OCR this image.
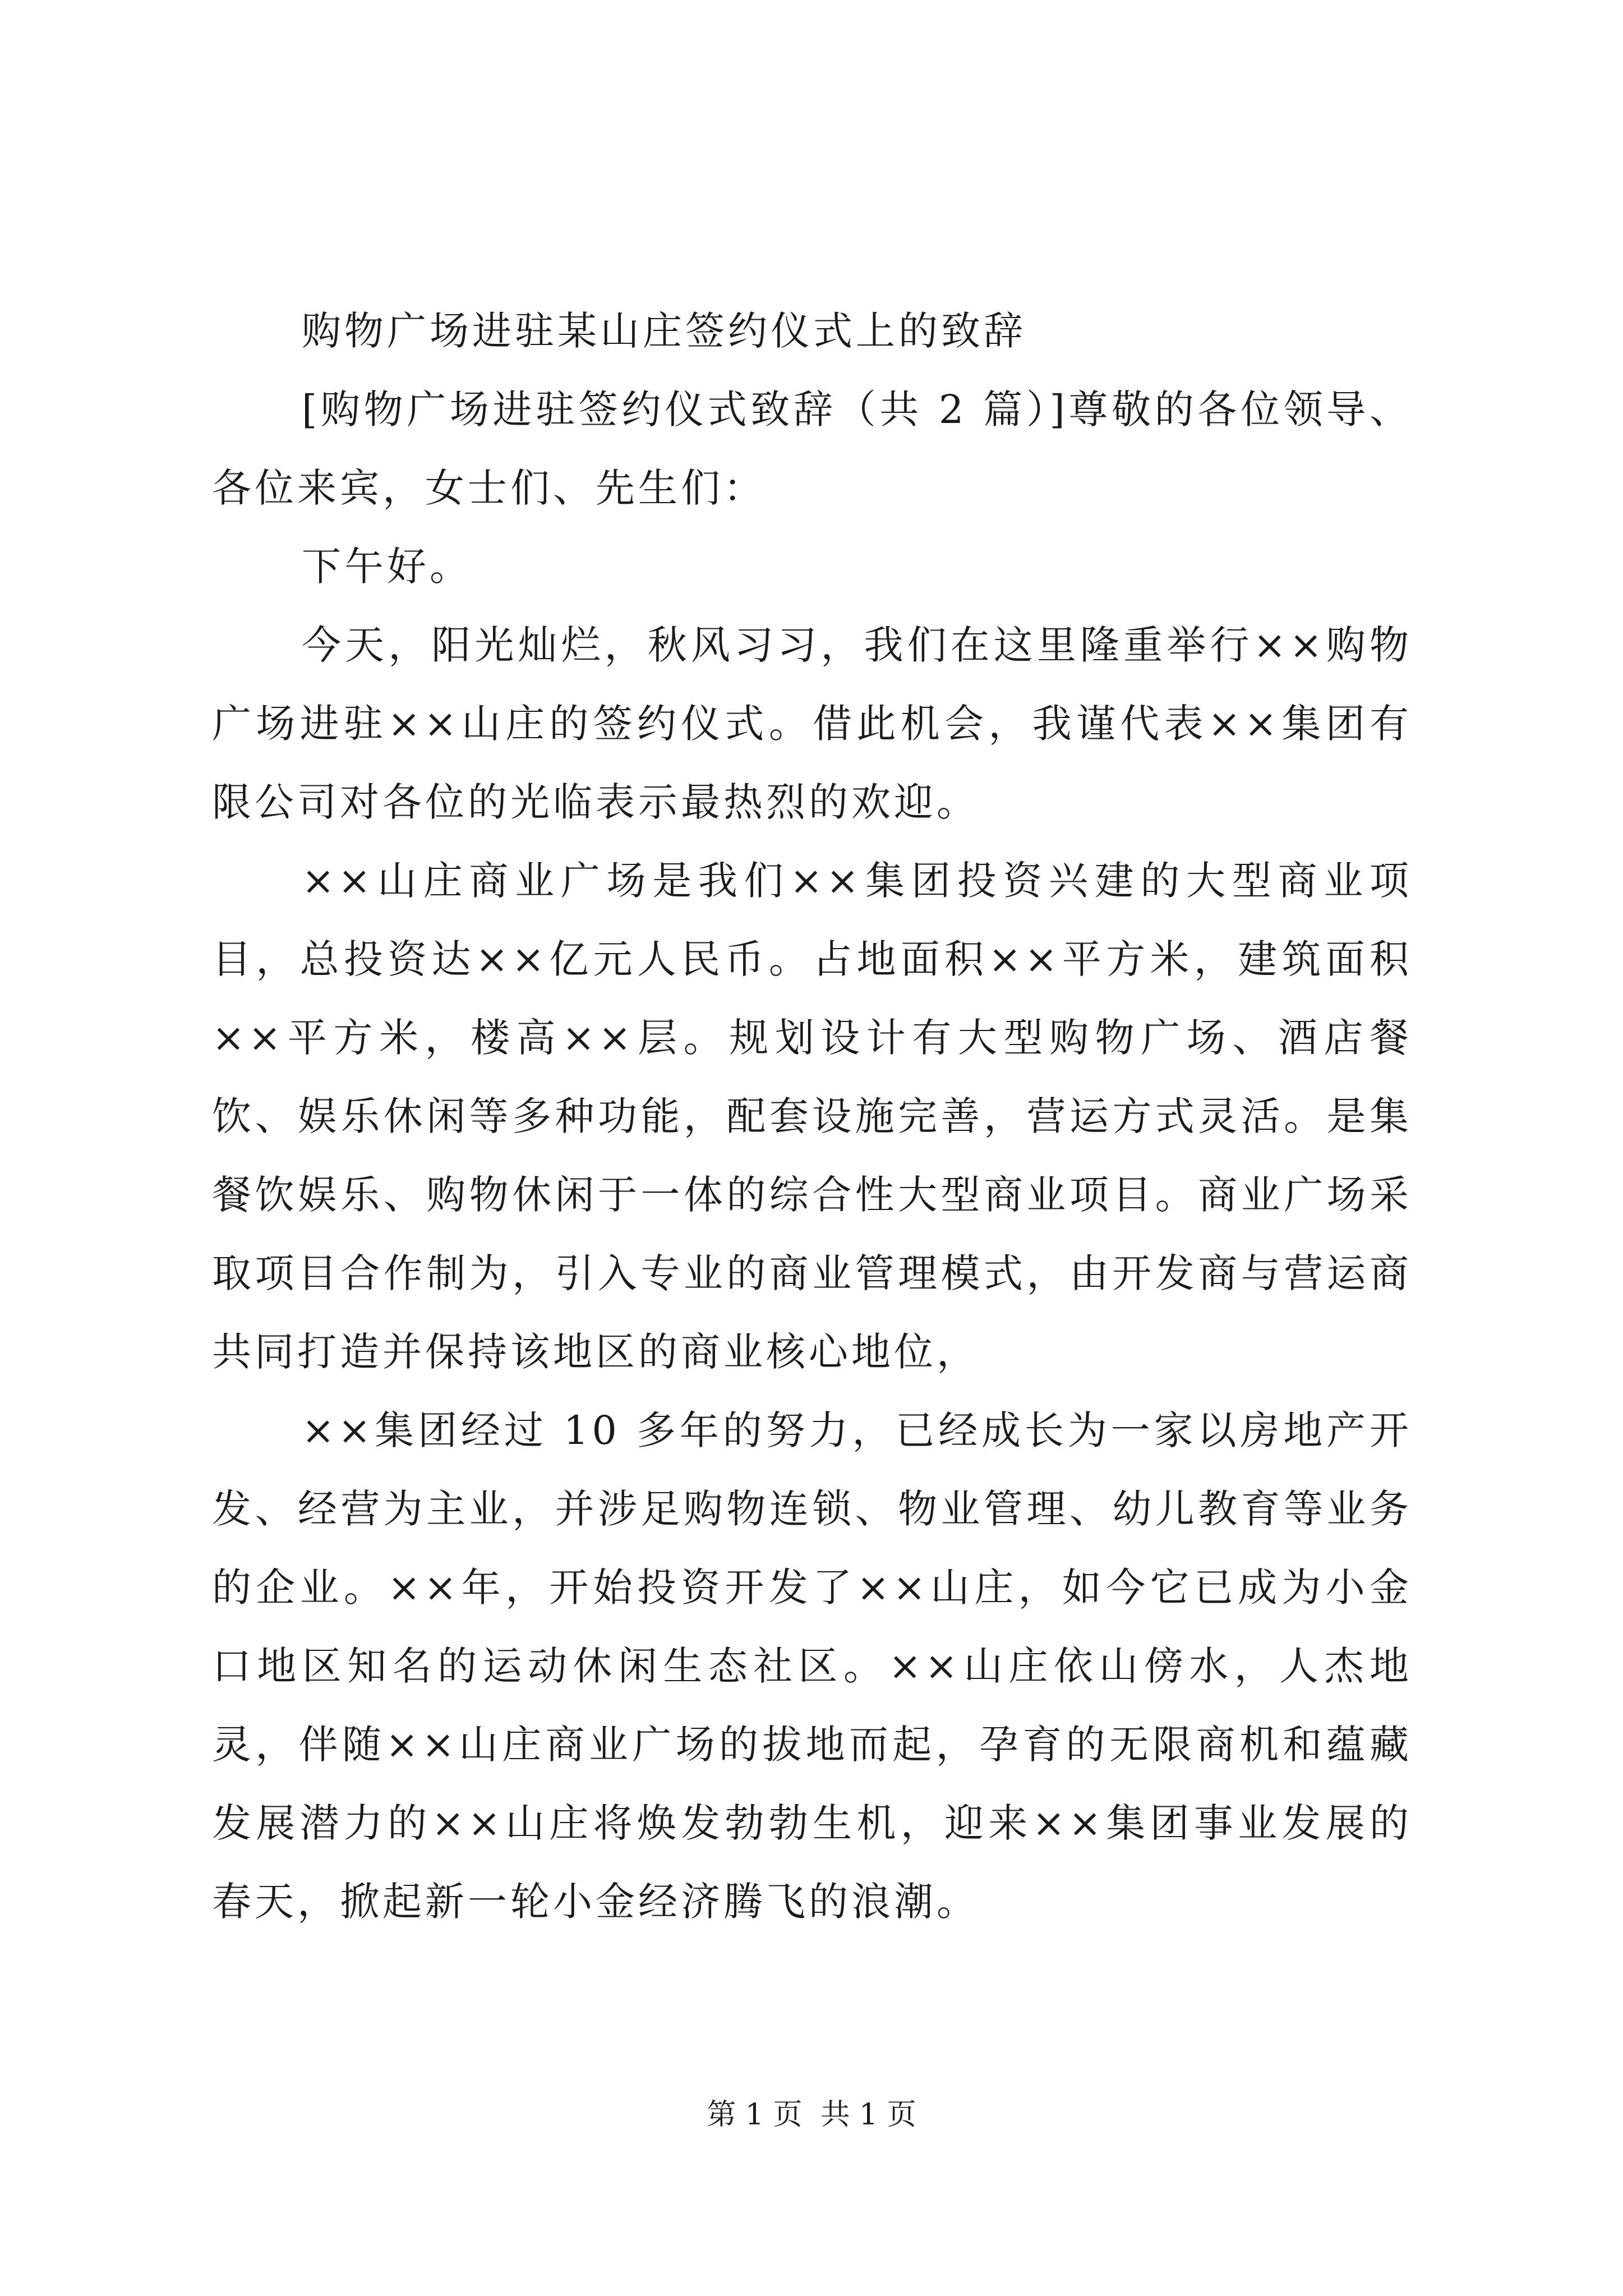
购物广场进驻某山庄签约仪式上的致辞

[购物广场进驻签约仪式致辞（共 2 篇）]尊敬的各位领导、各位来宾，女士们、先生们：

下午好。

今天，阳光灿烂，秋风习习，我们在这里隆重举行××购物广场进驻××山庄的签约仪式。借此机会，我谨代表××集团有限公司对各位的光临表示最热烈的欢迎。

××山庄商业广场是我们××集团投资兴建的大型商业项目，总投资达××亿元人民币。占地面积××平方米，建筑面积××平方米，楼高××层。规划设计有大型购物广场、酒店餐饮、娱乐休闲等多种功能，配套设施完善，营运方式灵活。是集餐饮娱乐、购物休闲于一体的综合性大型商业项目。商业广场采取项目合作制为，引入专业的商业管理模式，由开发商与营运商共同打造并保持该地区的商业核心地位，

××集团经过 10 多年的努力，已经成长为一家以房地产开发、经营为主业，并涉足购物连锁、物业管理、幼儿教育等业务的企业。××年，开始投资开发了××山庄，如今它已成为小金口地区知名的运动休闲生态社区。××山庄依山傍水，人杰地灵，伴随××山庄商业广场的拔地而起，孕育的无限商机和蕴藏发展潜力的××山庄将焕发勃勃生机，迎来××集团事业发展的春天，掀起新一轮小金经济腾飞的浪潮。

第 1 页  共 1 页
